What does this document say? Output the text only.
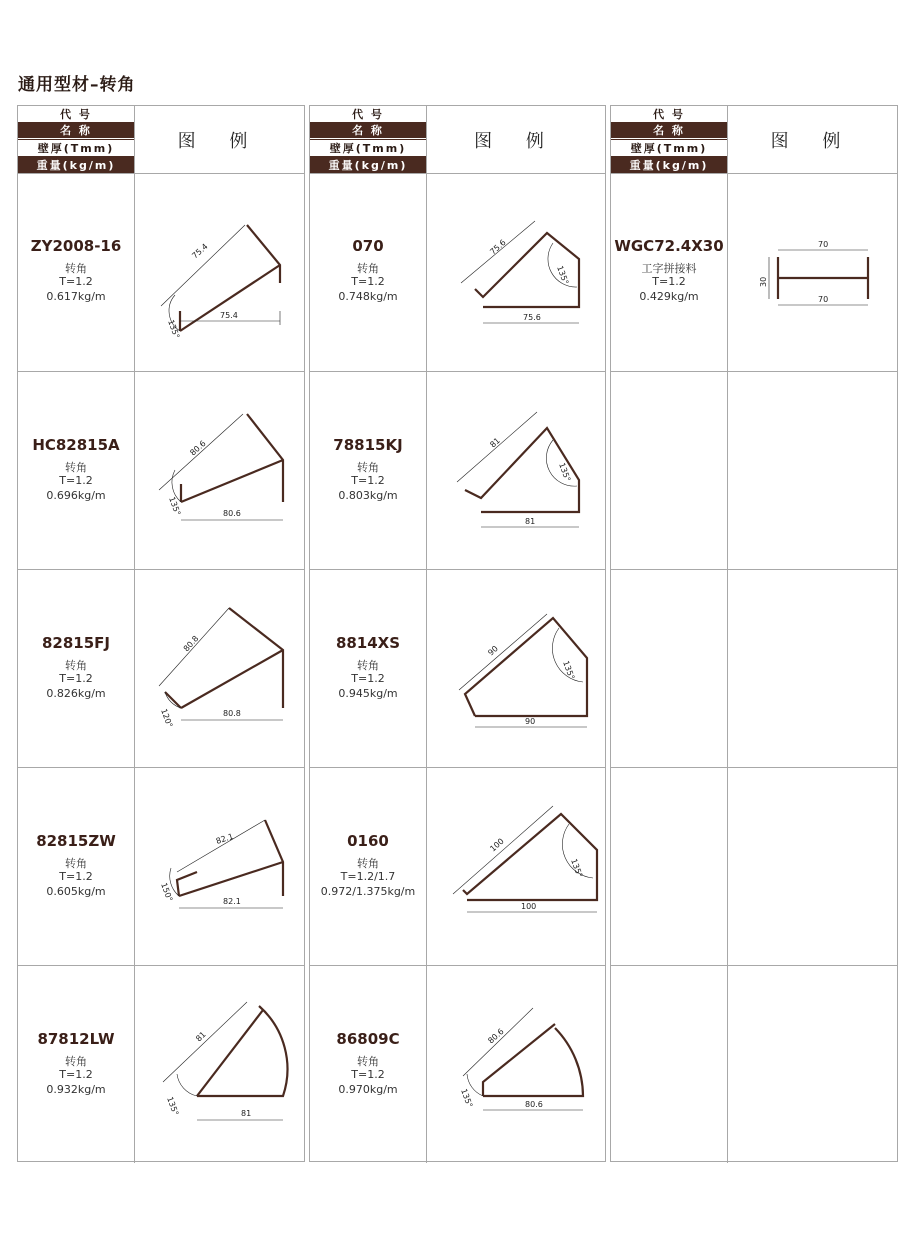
通用型材–转角
代 号
名 称
壁厚(Tmm)
重量(kg/m)
图 例
ZY2008-16
转角
T=1.2
0.617kg/m
75.4
75.4
135°
HC82815A
转角
T=1.2
0.696kg/m
80.6
80.6
135°
82815FJ
转角
T=1.2
0.826kg/m
80.8
80.8
120°
82815ZW
转角
T=1.2
0.605kg/m
82.1
82.1
150°
87812LW
转角
T=1.2
0.932kg/m
81
81
135°
代 号
名 称
壁厚(Tmm)
重量(kg/m)
图 例
070
转角
T=1.2
0.748kg/m
75.6
75.6
135°
78815KJ
转角
T=1.2
0.803kg/m
81
81
135°
8814XS
转角
T=1.2
0.945kg/m
90
90
135°
0160
转角
T=1.2/1.7
0.972/1.375kg/m
100
100
135°
86809C
转角
T=1.2
0.970kg/m
80.6
80.6
135°
代 号
名 称
壁厚(Tmm)
重量(kg/m)
图 例
WGC72.4X30
工字拼接料
T=1.2
0.429kg/m
70
70
30
